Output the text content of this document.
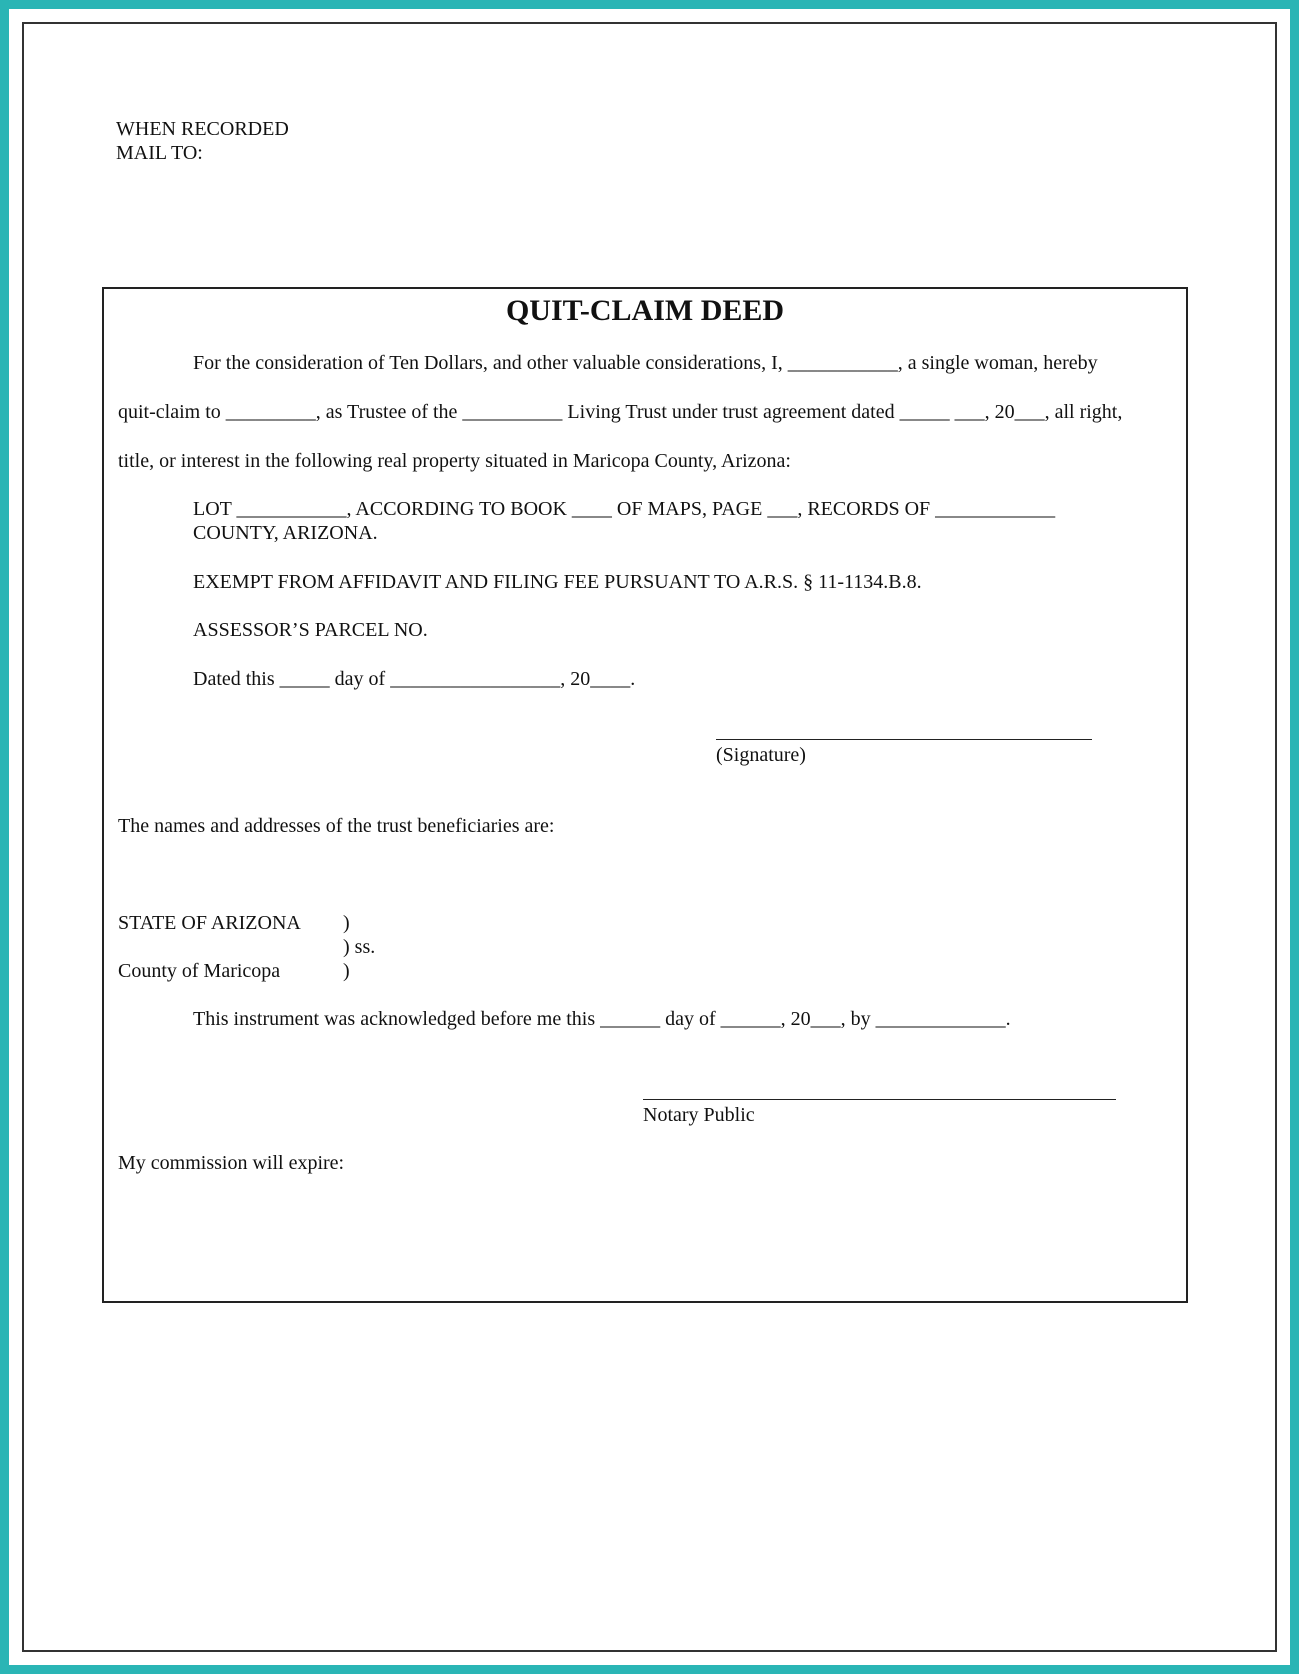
WHEN RECORDED
MAIL TO:
QUIT-CLAIM DEED
For the consideration of Ten Dollars, and other valuable considerations, I, ___________, a single woman, hereby
quit-claim to _________, as Trustee of the __________ Living Trust under trust agreement dated _____ ___, 20___, all right,
title, or interest in the following real property situated in Maricopa County, Arizona:
LOT ___________, ACCORDING TO BOOK ____ OF MAPS, PAGE ___, RECORDS OF ____________
COUNTY, ARIZONA.
EXEMPT FROM AFFIDAVIT AND FILING FEE PURSUANT TO A.R.S. § 11-1134.B.8.
ASSESSOR’S PARCEL NO.
Dated this _____ day of _________________, 20____.
(Signature)
The names and addresses of the trust beneficiaries are:
STATE OF ARIZONA )
) ss.
County of Maricopa	)
This instrument was acknowledged before me this ______ day of ______, 20___, by _____________.
Notary Public
My commission will expire:
